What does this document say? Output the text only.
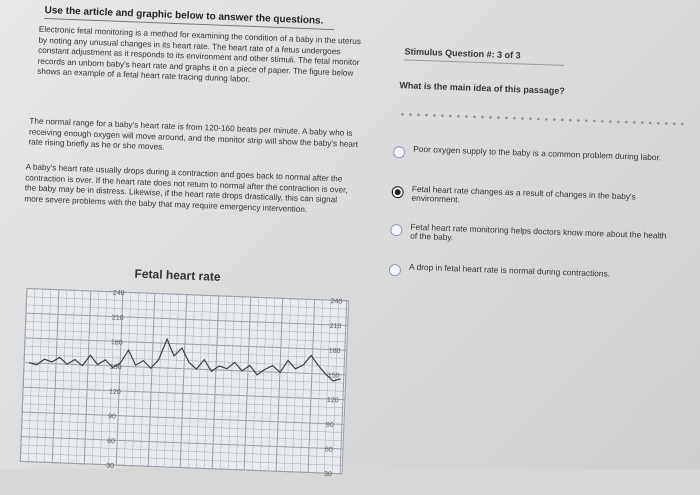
Use the article and graphic below to answer the questions.
Electronic fetal monitoring is a method for examining the condition of a baby in the uterus by noting any unusual changes in its heart rate. The heart rate of a fetus undergoes constant adjustment as it responds to its environment and other stimuli. The fetal monitor records an unborn baby's heart rate and graphs it on a piece of paper. The figure below shows an example of a fetal heart rate tracing during labor.
The normal range for a baby's heart rate is from 120-160 beats per minute. A baby who is receiving enough oxygen will move around, and the monitor strip will show the baby's heart rate rising briefly as he or she moves.
A baby's heart rate usually drops during a contraction and goes back to normal after the contraction is over. If the heart rate does not return to normal after the contraction is over, the baby may be in distress. Likewise, if the heart rate drops drastically, this can signal more severe problems with the baby that may require emergency intervention.
Fetal heart rate
240
210
180
150
120
90
60
30
240
210
180
150
120
90
60
30
Stimulus Question #: 3 of 3
What is the main idea of this passage?
Poor oxygen supply to the baby is a common problem during labor.
Fetal heart rate changes as a result of changes in the baby's environment.
Fetal heart rate monitoring helps doctors know more about the health of the baby.
A drop in fetal heart rate is normal during contractions.
